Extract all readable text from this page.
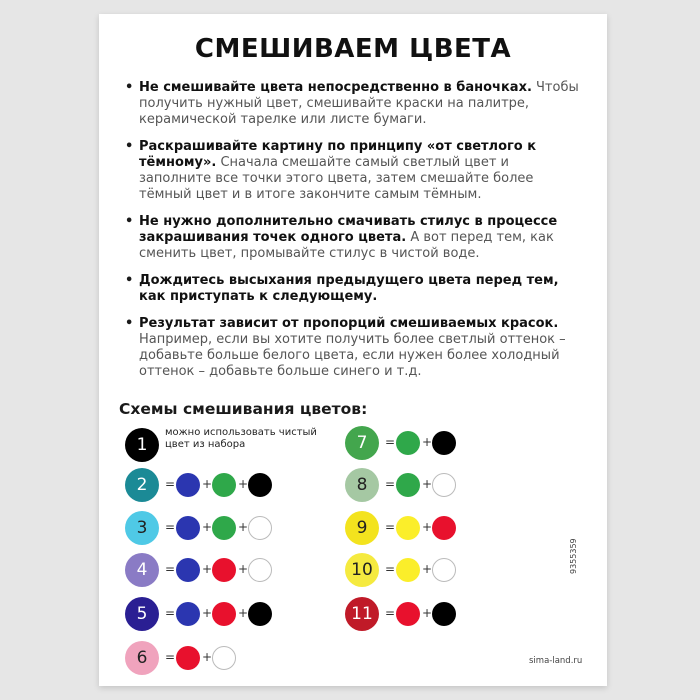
СМЕШИВАЕМ ЦВЕТА
• Не смешивайте цвета непосредственно в баночках. Чтобы получить нужный цвет, смешивайте краски на палитре, керамической тарелке или листе бумаги.
• Раскрашивайте картину по принципу «от светлого к тёмному». Сначала смешайте самый светлый цвет и заполните все точки этого цвета, затем смешайте более тёмный цвет и в итоге закончите самым тёмным.
• Не нужно дополнительно смачивать стилус в процессе закрашивания точек одного цвета. А вот перед тем, как сменить цвет, промывайте стилус в чистой воде.
• Дождитесь высыхания предыдущего цвета перед тем, как приступать к следующему.
• Результат зависит от пропорций смешиваемых красок. Например, если вы хотите получить более светлый оттенок – добавьте больше белого цвета, если нужен более холодный оттенок – добавьте больше синего и т.д.
Схемы смешивания цветов:
можно использовать чистый цвет из набора
1
2	= + +
3	= + +
4	= + +
5	= + +
6	= +
7	= +
8	= +
9	= +
10	= +
11	= +
9355359
sima-land.ru
